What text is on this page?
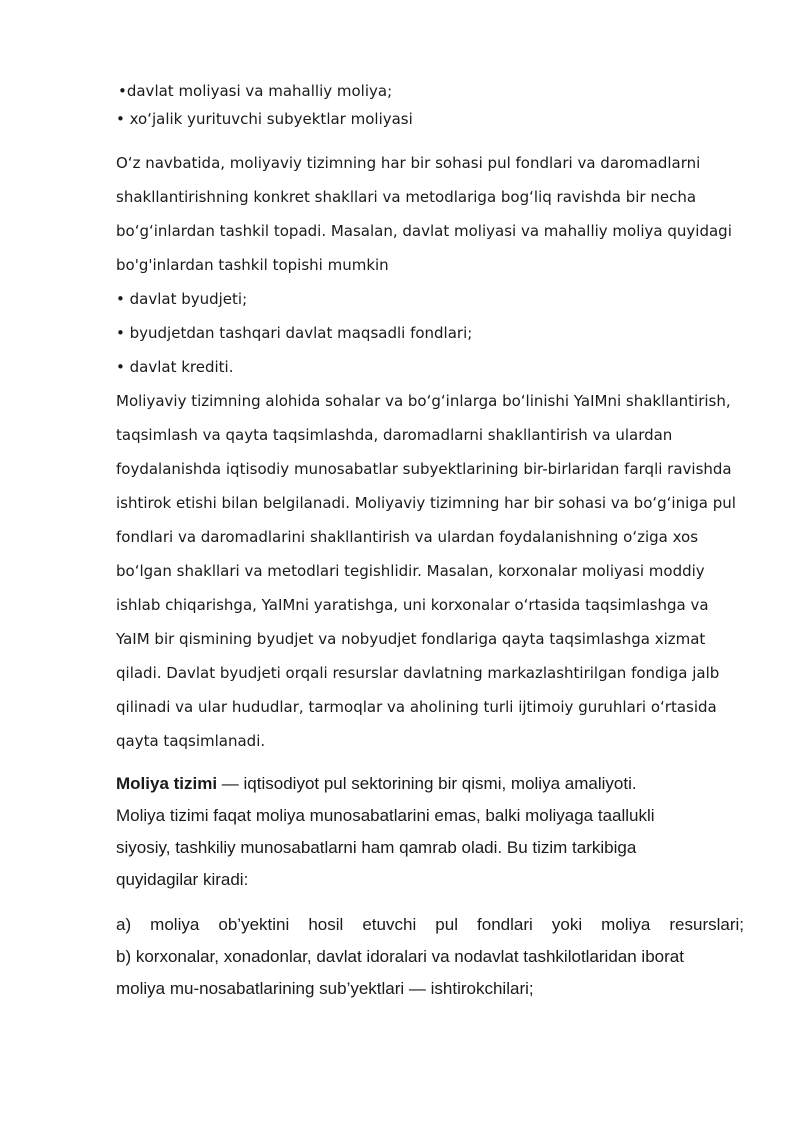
•davlat moliyasi va mahalliy moliya;

• xoʻjalik yurituvchi subyektlar moliyasi

Oʻz navbatida, moliyaviy tizimning har bir sohasi pul fondlari va daromadlarni

shakllantirishning konkret shakllari va metodlariga bogʻliq ravishda bir necha

boʻgʻinlardan tashkil topadi. Masalan, davlat moliyasi va mahalliy moliya quyidagi

bo'g'inlardan tashkil topishi mumkin

• davlat byudjeti;

• byudjetdan tashqari davlat maqsadli fondlari;

• davlat krediti.

Moliyaviy tizimning alohida sohalar va boʻgʻinlarga boʻlinishi YaIMni shakllantirish,

taqsimlash va qayta taqsimlashda, daromadlarni shakllantirish va ulardan

foydalanishda iqtisodiy munosabatlar subyektlarining bir-birlaridan farqli ravishda

ishtirok etishi bilan belgilanadi. Moliyaviy tizimning har bir sohasi va boʻgʻiniga pul

fondlari va daromadlarini shakllantirish va ulardan foydalanishning oʻziga xos

boʻlgan shakllari va metodlari tegishlidir. Masalan, korxonalar moliyasi moddiy

ishlab chiqarishga, YaIMni yaratishga, uni korxonalar oʻrtasida taqsimlashga va

YaIM bir qismining byudjet va nobyudjet fondlariga qayta taqsimlashga xizmat

qiladi. Davlat byudjeti orqali resurslar davlatning markazlashtirilgan fondiga jalb

qilinadi va ular hududlar, tarmoqlar va aholining turli ijtimoiy guruhlari oʻrtasida

qayta taqsimlanadi.

Moliya tizimi — iqtisodiyot pul sektorining bir qismi, moliya amaliyoti.

Moliya tizimi faqat moliya munosabatlarini emas, balki moliyaga taallukli

siyosiy, tashkiliy munosabatlarni ham qamrab oladi. Bu tizim tarkibiga

quyidagilar kiradi:

a) moliya ob’yektini hosil etuvchi pul fondlari yoki moliya resurslari;

b) korxonalar, xonadonlar, davlat idoralari va nodavlat tashkilotlaridan iborat

moliya mu-nosabatlarining sub’yektlari — ishtirokchilari;
